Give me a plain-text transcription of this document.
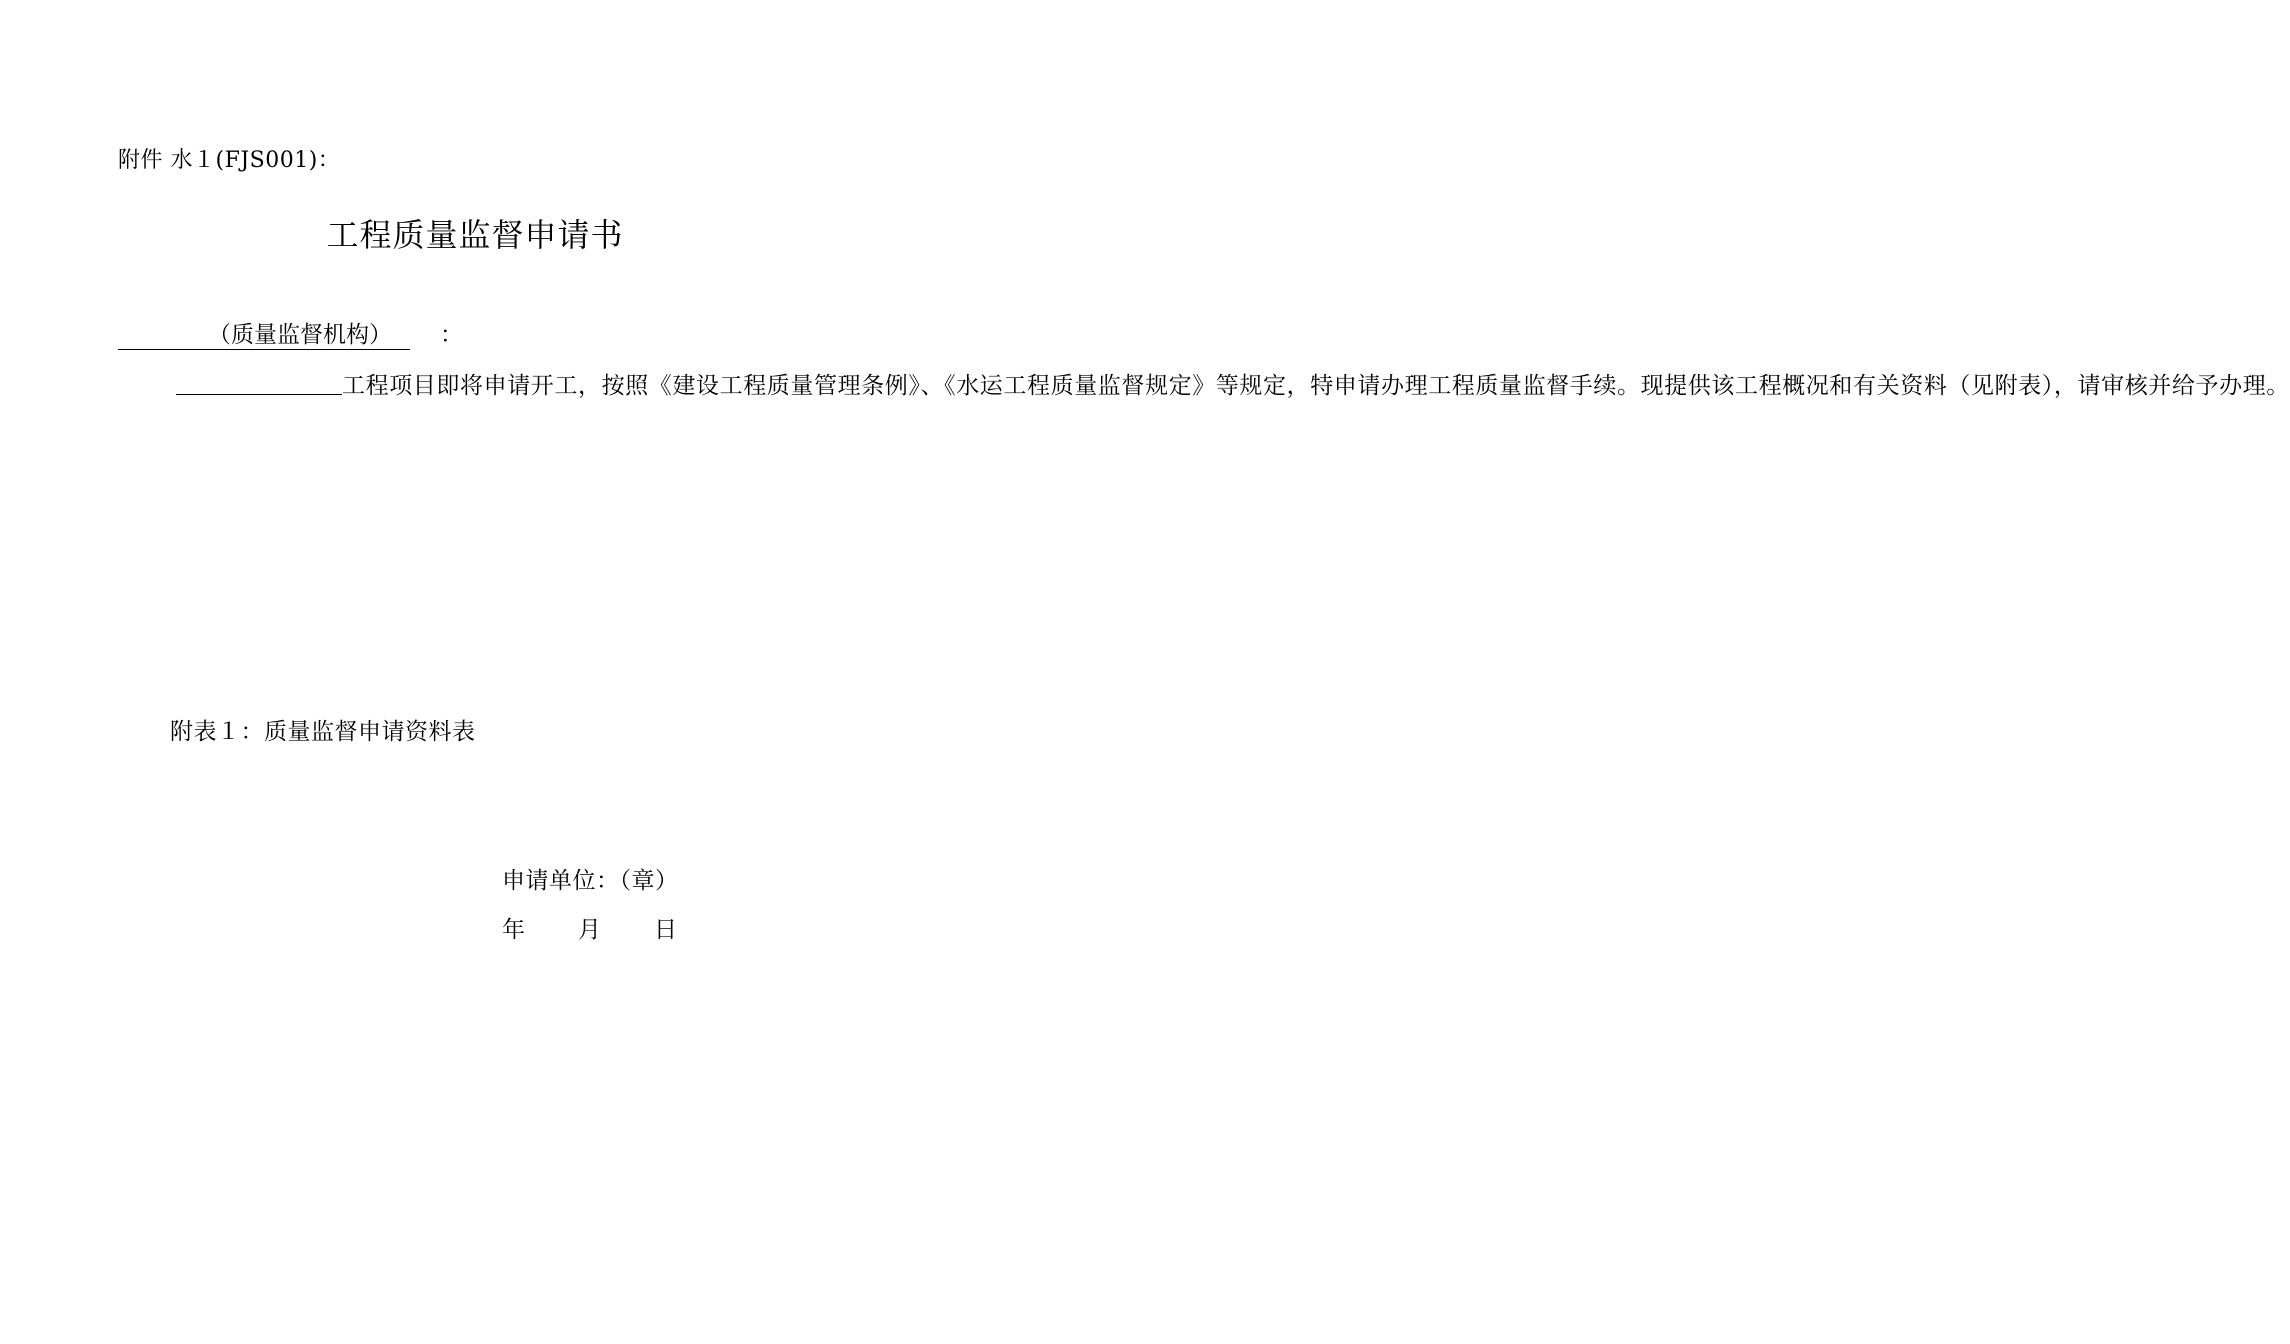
附件 水１(FJS001)：
工程质量监督申请书
（质量监督机构） ：
工程项目即将申请开工，按照《建设工程质量管理条例》、《水运工程质量监督规定》等规定，特申请办理工程质量监督手续。现提供该工程概况和有关资料（见附表），请审核并给予办理。
附表１：质量监督申请资料表
申请单位：（章）
年 月 日
